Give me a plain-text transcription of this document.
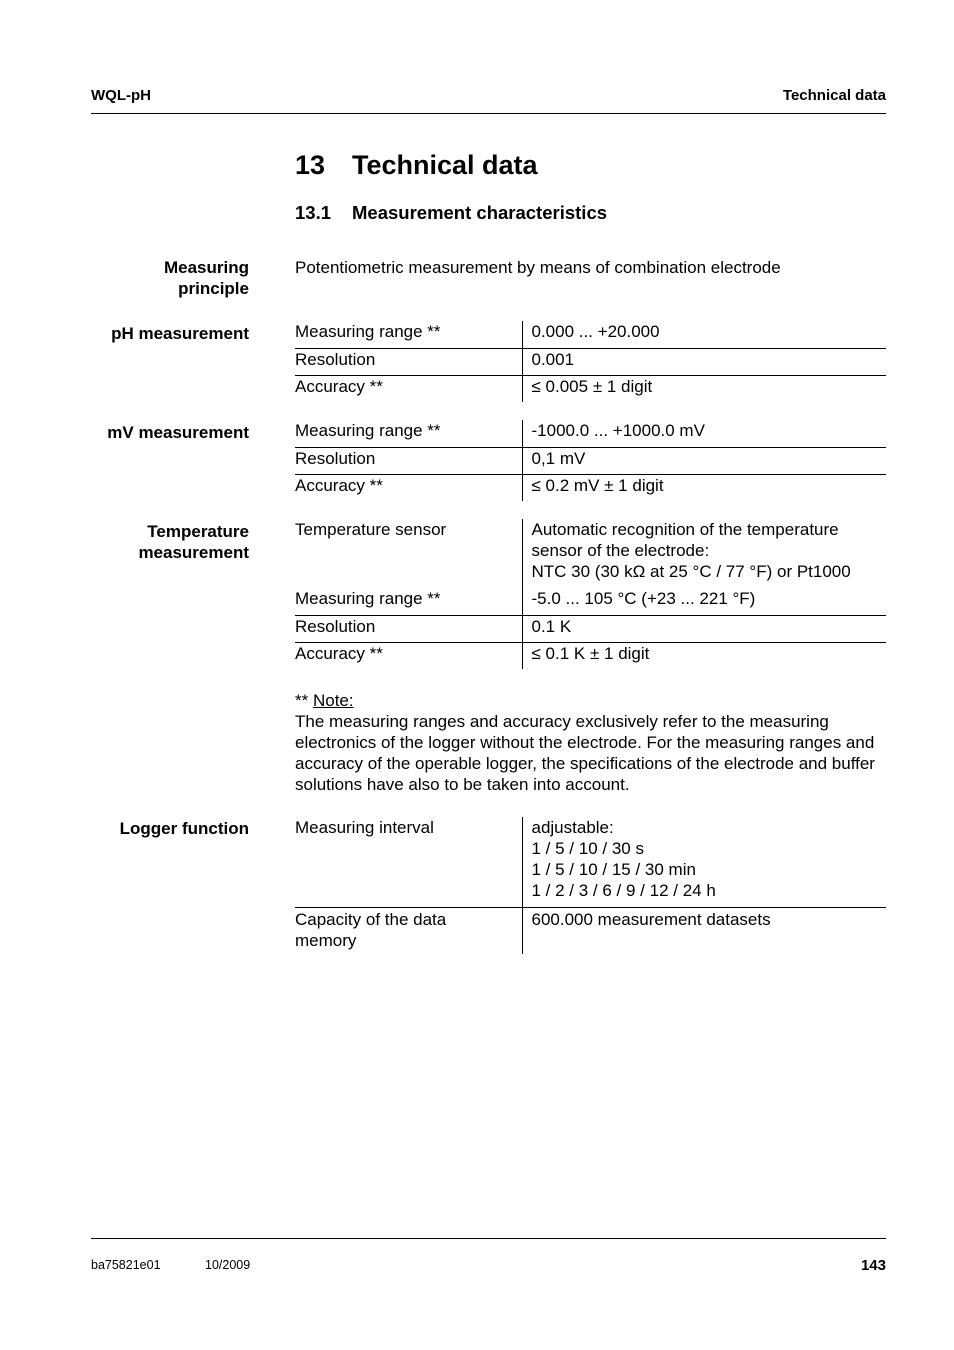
WQL-pH	Technical data
13 Technical data
13.1	Measurement characteristics
Measuring
principle
Potentiometric measurement by means of combination electrode
pH measurement	Measuring range **	0.000 ... +20.000
Resolution	0.001
Accuracy **	≤ 0.005 ± 1 digit
mV measurement	Measuring range **	-1000.0 ... +1000.0 mV
Resolution	0,1 mV
Accuracy **	≤ 0.2 mV ± 1 digit
Temperature
measurement
Temperature sensor	Automatic recognition of the temperature
sensor of the electrode:
NTC 30 (30 kΩ at 25 °C / 77 °F) or Pt1000

Measuring range **	-5.0 ... 105 °C (+23 ... 221 °F)
Resolution	0.1 K
Accuracy **	≤ 0.1 K ± 1 digit
** Note:
The measuring ranges and accuracy exclusively refer to the measuring electronics of the logger without the electrode. For the measuring ranges and accuracy of the operable logger, the specifications of the electrode and buffer solutions have also to be taken into account.
Logger function	Measuring interval	adjustable:
1 / 5 / 10 / 30 s
1 / 5 / 10 / 15 / 30 min
1 / 2 / 3 / 6 / 9 / 12 / 24 h

Capacity of the data
memory	600.000 measurement datasets
ba75821e01	10/2009	143
